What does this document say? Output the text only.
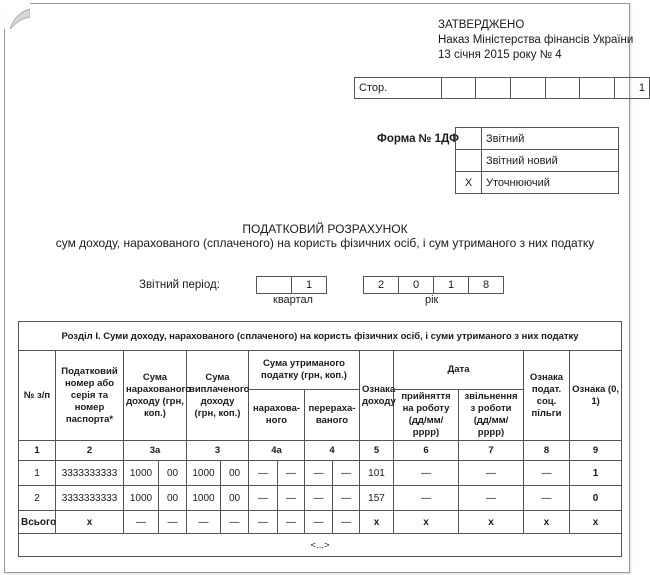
ЗАТВЕРДЖЕНО
Наказ Міністерства фінансів України
13 січня 2015 року № 4
Стор.						1
Форма № 1ДФ
	Звітний
	Звітний новий
Х	Уточнюючий
ПОДАТКОВИЙ РОЗРАХУНОК
сум доходу, нарахованого (сплаченого) на користь фізичних осіб, і сум утриманого з них податку
Звітний період:
		1
квартал
2	0	1	8
рік
Розділ І. Суми доходу, нарахованого (сплаченого) на користь фізичних осіб, і суми утриманого з них податку														
№ з/п	Податковий номер або серія та номер паспорта*	Сума нарахованого доходу (грн, коп.)		Сума виплаченого доходу (грн, коп.)		Сума утриманого податку (грн, коп.)				Ознака доходу	Дата		Ознака подат. соц. пільги	Ознака (0, 1)
						нарахова-ного		перераха-ваного			прийняття на роботу (дд/мм/рррр)	звільнення з роботи (дд/мм/рррр)		
1	2	3а		3		4а		4		5	6	7	8	9
1	3333333333	1000	00	1000	00	—	—	—	—	101	—	—	—	1
2	3333333333	1000	00	1000	00	—	—	—	—	157	—	—	—	0
Всього	х	—	—	—	—	—	—	—	—	х	х	х	х	х
<...>														
